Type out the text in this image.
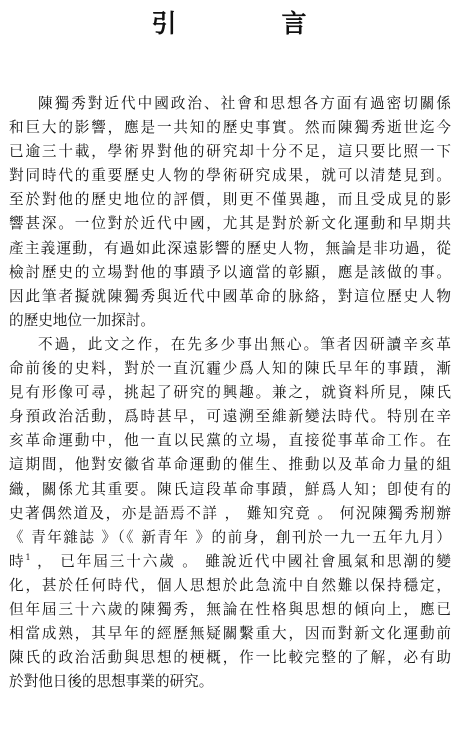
引　言
陳獨秀對近代中國政治、社會和思想各方面有過密切關係
和巨大的影響，應是一共知的歷史事實。然而陳獨秀逝世迄今
已逾三十載，學術界對他的研究却十分不足，這只要比照一下
對同時代的重要歷史人物的學術研究成果，就可以清楚見到。
至於對他的歷史地位的評價，則更不僅異趣，而且受成見的影
響甚深。一位對於近代中國，尤其是對於新文化運動和早期共
產主義運動，有過如此深遠影響的歷史人物，無論是非功過，從
檢討歷史的立場對他的事蹟予以適當的彰顯，應是該做的事。
因此筆者擬就陳獨秀與近代中國革命的脉絡，對這位歷史人物
的歷史地位一加探討。
不過，此文之作，在先多少事出無心。筆者因研讀辛亥革
命前後的史料，對於一直沉霾少爲人知的陳氏早年的事蹟，漸
見有形像可尋，挑起了研究的興趣。兼之，就資料所見，陳氏
身預政治活動，爲時甚早，可遠溯至維新變法時代。特別在辛
亥革命運動中，他一直以民黨的立場，直接從事革命工作。在
這期間，他對安徽省革命運動的催生、推動以及革命力量的組
織，關係尤其重要。陳氏這段革命事蹟，鮮爲人知；卽使有的
史著偶然道及，亦是語焉不詳 ， 難知究竟 。 何況陳獨秀剏辦
《 青年雜誌 》（《 新青年 》的前身，創刊於一九一五年九月）
時$^1$ ， 已年屆三十六歲 。 雖說近代中國社會風氣和思潮的變
化，甚於任何時代，個人思想於此急流中自然難以保持穩定，
但年屆三十六歲的陳獨秀，無論在性格與思想的傾向上，應已
相當成熟，其早年的經歷無疑關繫重大，因而對新文化運動前
陳氏的政治活動與思想的梗概，作一比較完整的了解，必有助
於對他日後的思想事業的研究。
